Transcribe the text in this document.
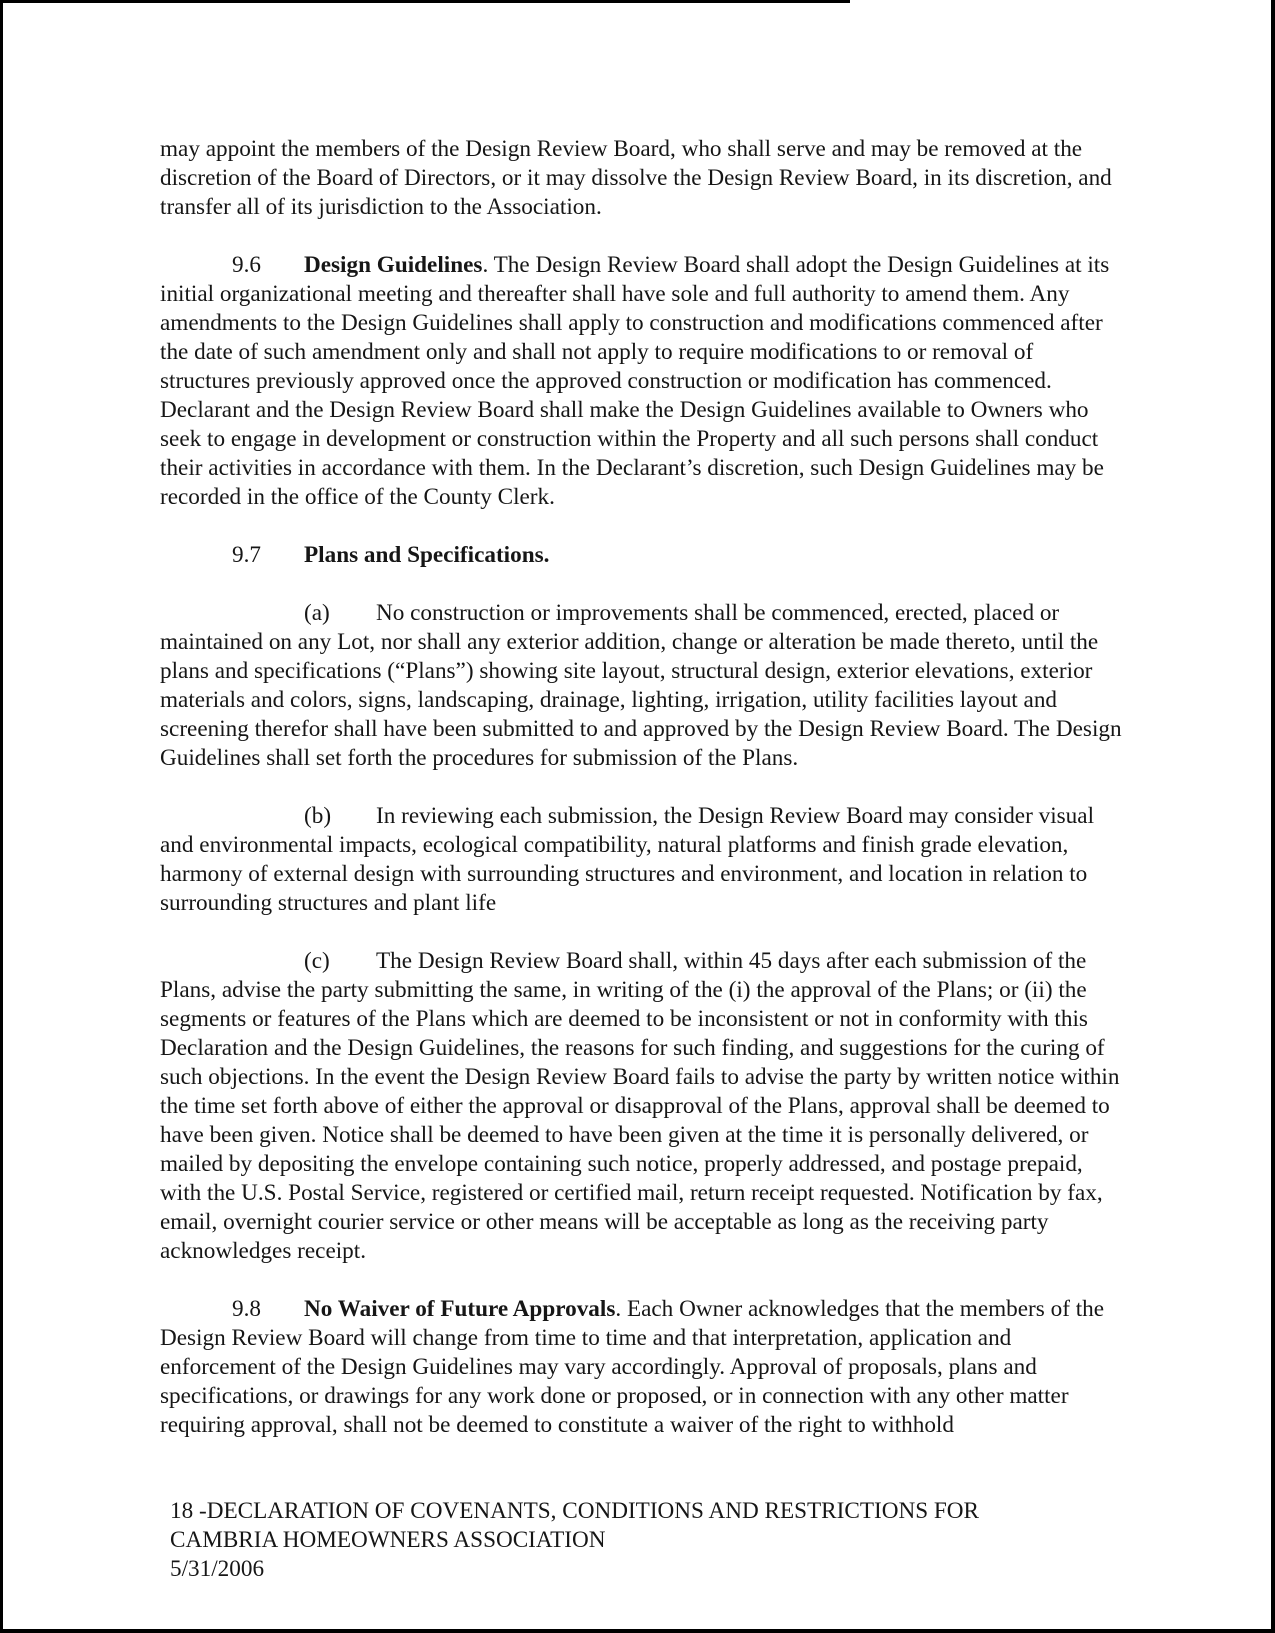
may appoint the members of the Design Review Board, who shall serve and may be removed at the discretion of the Board of Directors, or it may dissolve the Design Review Board, in its discretion, and transfer all of its jurisdiction to the Association.

9.6 Design Guidelines. The Design Review Board shall adopt the Design Guidelines at its initial organizational meeting and thereafter shall have sole and full authority to amend them. Any amendments to the Design Guidelines shall apply to construction and modifications commenced after the date of such amendment only and shall not apply to require modifications to or removal of structures previously approved once the approved construction or modification has commenced. Declarant and the Design Review Board shall make the Design Guidelines available to Owners who seek to engage in development or construction within the Property and all such persons shall conduct their activities in accordance with them. In the Declarant’s discretion, such Design Guidelines may be recorded in the office of the County Clerk.

9.7 Plans and Specifications.

(a) No construction or improvements shall be commenced, erected, placed or maintained on any Lot, nor shall any exterior addition, change or alteration be made thereto, until the plans and specifications (“Plans”) showing site layout, structural design, exterior elevations, exterior materials and colors, signs, landscaping, drainage, lighting, irrigation, utility facilities layout and screening therefor shall have been submitted to and approved by the Design Review Board. The Design Guidelines shall set forth the procedures for submission of the Plans.

(b) In reviewing each submission, the Design Review Board may consider visual and environmental impacts, ecological compatibility, natural platforms and finish grade elevation, harmony of external design with surrounding structures and environment, and location in relation to surrounding structures and plant life

(c) The Design Review Board shall, within 45 days after each submission of the Plans, advise the party submitting the same, in writing of the (i) the approval of the Plans; or (ii) the segments or features of the Plans which are deemed to be inconsistent or not in conformity with this Declaration and the Design Guidelines, the reasons for such finding, and suggestions for the curing of such objections. In the event the Design Review Board fails to advise the party by written notice within the time set forth above of either the approval or disapproval of the Plans, approval shall be deemed to have been given. Notice shall be deemed to have been given at the time it is personally delivered, or mailed by depositing the envelope containing such notice, properly addressed, and postage prepaid, with the U.S. Postal Service, registered or certified mail, return receipt requested. Notification by fax, email, overnight courier service or other means will be acceptable as long as the receiving party acknowledges receipt.

9.8 No Waiver of Future Approvals. Each Owner acknowledges that the members of the Design Review Board will change from time to time and that interpretation, application and enforcement of the Design Guidelines may vary accordingly. Approval of proposals, plans and specifications, or drawings for any work done or proposed, or in connection with any other matter requiring approval, shall not be deemed to constitute a waiver of the right to withhold

18 -DECLARATION OF COVENANTS, CONDITIONS AND RESTRICTIONS FOR
CAMBRIA HOMEOWNERS ASSOCIATION
5/31/2006
